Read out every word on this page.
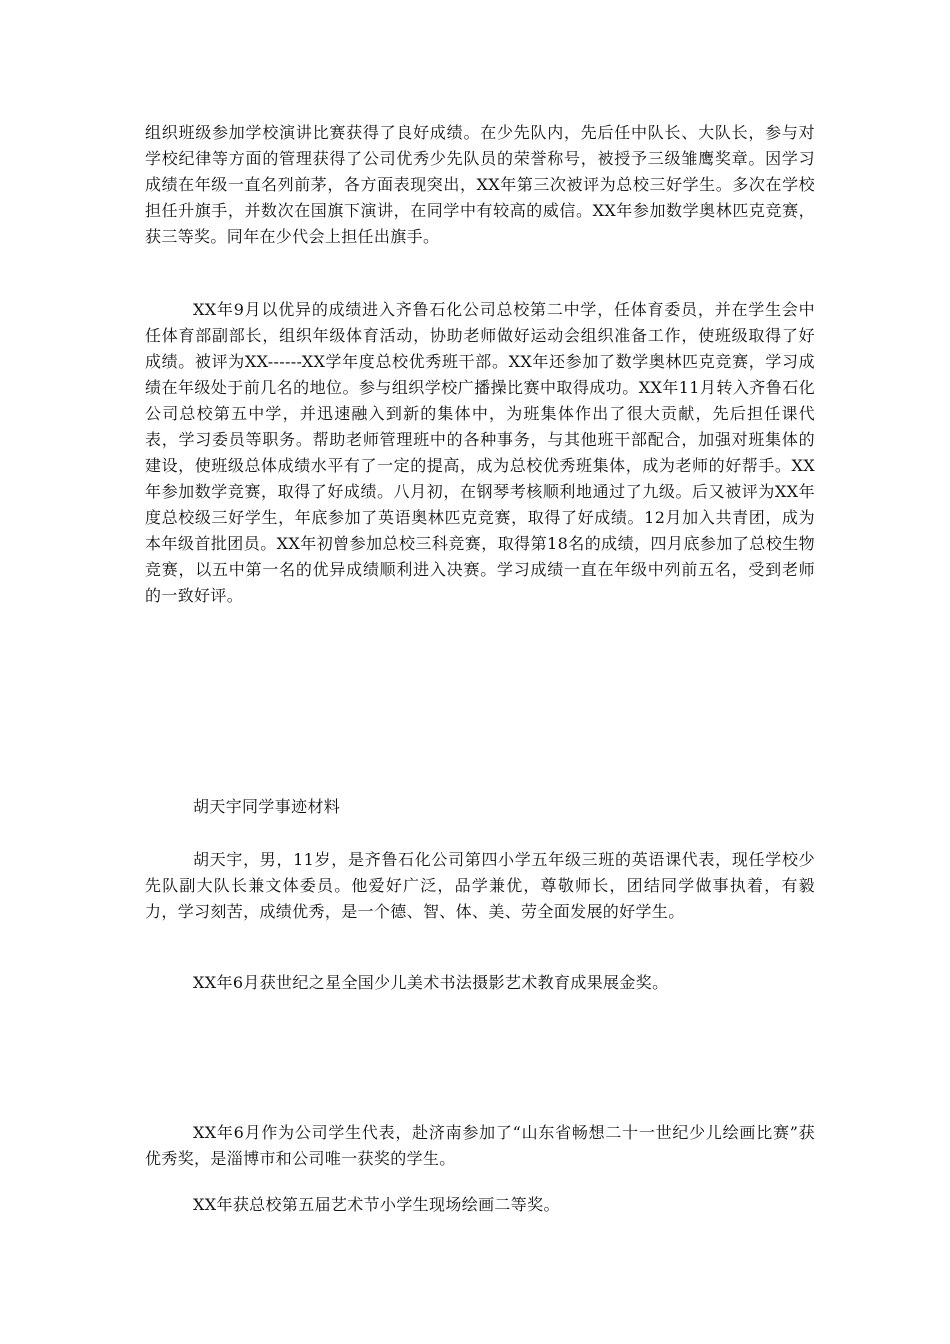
组织班级参加学校演讲比赛获得了良好成绩。在少先队内，先后任中队长、大队长，参与对学校纪律等方面的管理获得了公司优秀少先队员的荣誉称号，被授予三级雏鹰奖章。因学习成绩在年级一直名列前茅，各方面表现突出，XX年第三次被评为总校三好学生。多次在学校担任升旗手，并数次在国旗下演讲，在同学中有较高的威信。XX年参加数学奥林匹克竞赛，获三等奖。同年在少代会上担任出旗手。

XX年9月以优异的成绩进入齐鲁石化公司总校第二中学，任体育委员，并在学生会中任体育部副部长，组织年级体育活动，协助老师做好运动会组织准备工作，使班级取得了好成绩。被评为XX------XX学年度总校优秀班干部。XX年还参加了数学奥林匹克竞赛，学习成绩在年级处于前几名的地位。参与组织学校广播操比赛中取得成功。XX年11月转入齐鲁石化公司总校第五中学，并迅速融入到新的集体中，为班集体作出了很大贡献，先后担任课代表，学习委员等职务。帮助老师管理班中的各种事务，与其他班干部配合，加强对班集体的建设，使班级总体成绩水平有了一定的提高，成为总校优秀班集体，成为老师的好帮手。XX年参加数学竞赛，取得了好成绩。八月初，在钢琴考核顺利地通过了九级。后又被评为XX年度总校级三好学生，年底参加了英语奥林匹克竞赛，取得了好成绩。12月加入共青团，成为本年级首批团员。XX年初曾参加总校三科竞赛，取得第18名的成绩，四月底参加了总校生物竞赛，以五中第一名的优异成绩顺利进入决赛。学习成绩一直在年级中列前五名，受到老师的一致好评。

胡天宇同学事迹材料

胡天宇，男，11岁，是齐鲁石化公司第四小学五年级三班的英语课代表，现任学校少先队副大队长兼文体委员。他爱好广泛，品学兼优，尊敬师长，团结同学做事执着，有毅力，学习刻苦，成绩优秀，是一个德、智、体、美、劳全面发展的好学生。

XX年6月获世纪之星全国少儿美术书法摄影艺术教育成果展金奖。

XX年6月作为公司学生代表，赴济南参加了“山东省畅想二十一世纪少儿绘画比赛”获优秀奖，是淄博市和公司唯一获奖的学生。

XX年获总校第五届艺术节小学生现场绘画二等奖。
